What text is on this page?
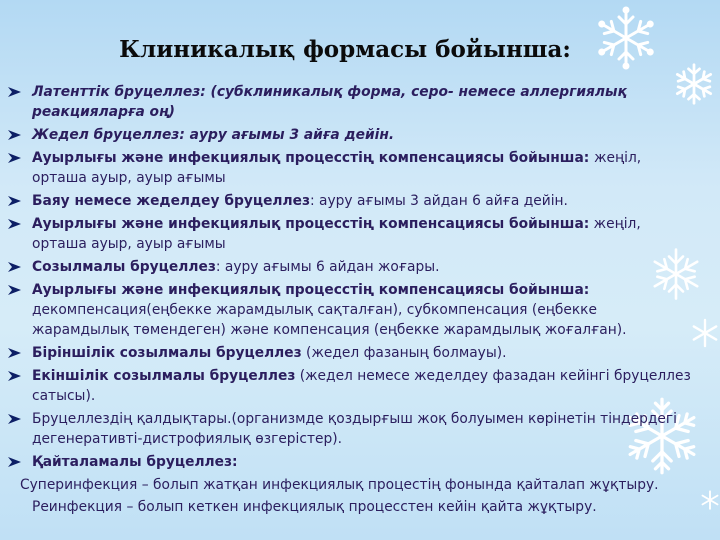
Клиникалық формасы бойынша:
Латенттік бруцеллез: (субклиникалық форма, серо- немесе аллергиялық реакцияларға оң)
Жедел бруцеллез: ауру ағымы 3 айға дейін.
Ауырлығы және инфекциялық процесстің компенсациясы бойынша: жеңіл, орташа ауыр, ауыр ағымы
Баяу немесе жеделдеу бруцеллез: ауру ағымы 3 айдан 6 айға дейін.
Ауырлығы және инфекциялық процесстің компенсациясы бойынша: жеңіл, орташа ауыр, ауыр ағымы
Созылмалы бруцеллез: ауру ағымы 6 айдан жоғары.
Ауырлығы және инфекциялық процесстің компенсациясы бойынша: декомпенсация(еңбекке жарамдылық сақталған), субкомпенсация (еңбекке жарамдылық төмендеген) және компенсация (еңбекке жарамдылық жоғалған).
Біріншілік созылмалы бруцеллез (жедел фазаның болмауы).
Екіншілік созылмалы бруцеллез (жедел немесе жеделдеу фазадан кейінгі бруцеллез сатысы).
Бруцеллездің қалдықтары.(организмде қоздырғыш жоқ болуымен көрінетін тіндердегі дегенеративті-дистрофиялық өзгерістер).
Қайталамалы бруцеллез:
Суперинфекция – болып жатқан инфекциялық процестің фонында қайталап жұқтыру.
Реинфекция – болып кеткен инфекциялық процесстен кейін қайта жұқтыру.
